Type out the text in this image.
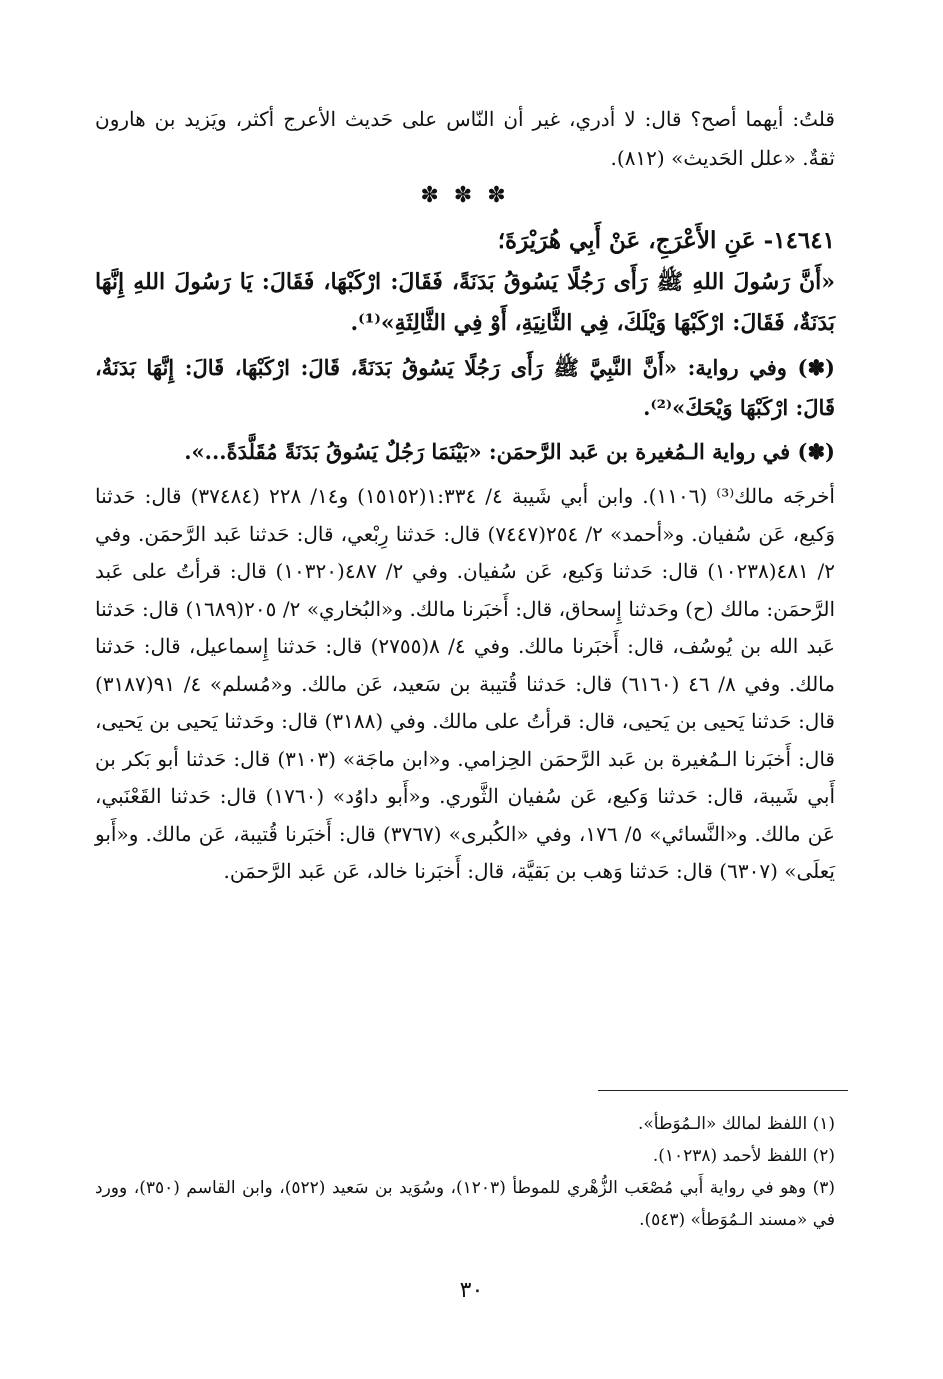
قلتُ: أيهما أصح؟ قال: لا أدري، غير أن النّاس على حَديث الأعرج أكثر، ويَزيد بن هارون ثقةٌ. «علل الحَديث» (٨١٢).

✽ ✽ ✽

١٤٦٤١- عَنِ الأَعْرَجِ، عَنْ أَبِي هُرَيْرَةَ؛

«أَنَّ رَسُولَ اللهِ ﷺ رَأَى رَجُلًا يَسُوقُ بَدَنَةً، فَقَالَ: ارْكَبْهَا، فَقَالَ: يَا رَسُولَ اللهِ إِنَّهَا بَدَنَةٌ، فَقَالَ: ارْكَبْهَا وَيْلَكَ، فِي الثَّانِيَةِ، أَوْ فِي الثَّالِثَةِ»⁽¹⁾.

(✽) وفي رواية: «أَنَّ النَّبِيَّ ﷺ رَأَى رَجُلًا يَسُوقُ بَدَنَةً، قَالَ: ارْكَبْهَا، قَالَ: إِنَّهَا بَدَنَةٌ، قَالَ: ارْكَبْهَا وَيْحَكَ»⁽²⁾.

(✽) في رواية الـمُغيرة بن عَبد الرَّحمَن: «بَيْنَمَا رَجُلٌ يَسُوقُ بَدَنَةً مُقَلَّدَةً...».

أخرجَه مالك⁽³⁾ (١١٠٦). وابن أبي شَيبة ٤/ ١:٣٣٤(١٥١٥٢) و١٤/ ٢٢٨ (٣٧٤٨٤) قال: حَدثنا وَكيع، عَن سُفيان. و«أحمد» ٢/ ٢٥٤(٧٤٤٧) قال: حَدثنا رِبْعي، قال: حَدثنا عَبد الرَّحمَن. وفي ٢/ ٤٨١(١٠٢٣٨) قال: حَدثنا وَكيع، عَن سُفيان. وفي ٢/ ٤٨٧(١٠٣٢٠) قال: قرأتُ على عَبد الرَّحمَن: مالك (ح) وحَدثنا إِسحاق، قال: أَخبَرنا مالك. و«البُخاري» ٢/ ٢٠٥(١٦٨٩) قال: حَدثنا عَبد الله بن يُوسُف، قال: أَخبَرنا مالك. وفي ٤/ ٨(٢٧٥٥) قال: حَدثنا إِسماعيل، قال: حَدثنا مالك. وفي ٨/ ٤٦ (٦١٦٠) قال: حَدثنا قُتيبة بن سَعيد، عَن مالك. و«مُسلم» ٤/ ٩١(٣١٨٧) قال: حَدثنا يَحيى بن يَحيى، قال: قرأتُ على مالك. وفي (٣١٨٨) قال: وحَدثنا يَحيى بن يَحيى، قال: أَخبَرنا الـمُغيرة بن عَبد الرَّحمَن الحِزامي. و«ابن ماجَة» (٣١٠٣) قال: حَدثنا أبو بَكر بن أَبي شَيبة، قال: حَدثنا وَكيع، عَن سُفيان الثَّوري. و«أَبو داوُد» (١٧٦٠) قال: حَدثنا القَعْنَبي، عَن مالك. و«النَّسائي» ٥/ ١٧٦، وفي «الكُبرى» (٣٧٦٧) قال: أَخبَرنا قُتيبة، عَن مالك. و«أَبو يَعلَى» (٦٣٠٧) قال: حَدثنا وَهب بن بَقيَّة، قال: أَخبَرنا خالد، عَن عَبد الرَّحمَن.

(١) اللفظ لمالك «الـمُوَطأ».

(٢) اللفظ لأحمد (١٠٢٣٨).

(٣) وهو في رواية أَبي مُصْعَب الزُّهْري للموطأ (١٢٠٣)، وسُوَيد بن سَعيد (٥٢٢)، وابن القاسم (٣٥٠)، وورد في «مسند الـمُوَطأ» (٥٤٣).

٣٠
